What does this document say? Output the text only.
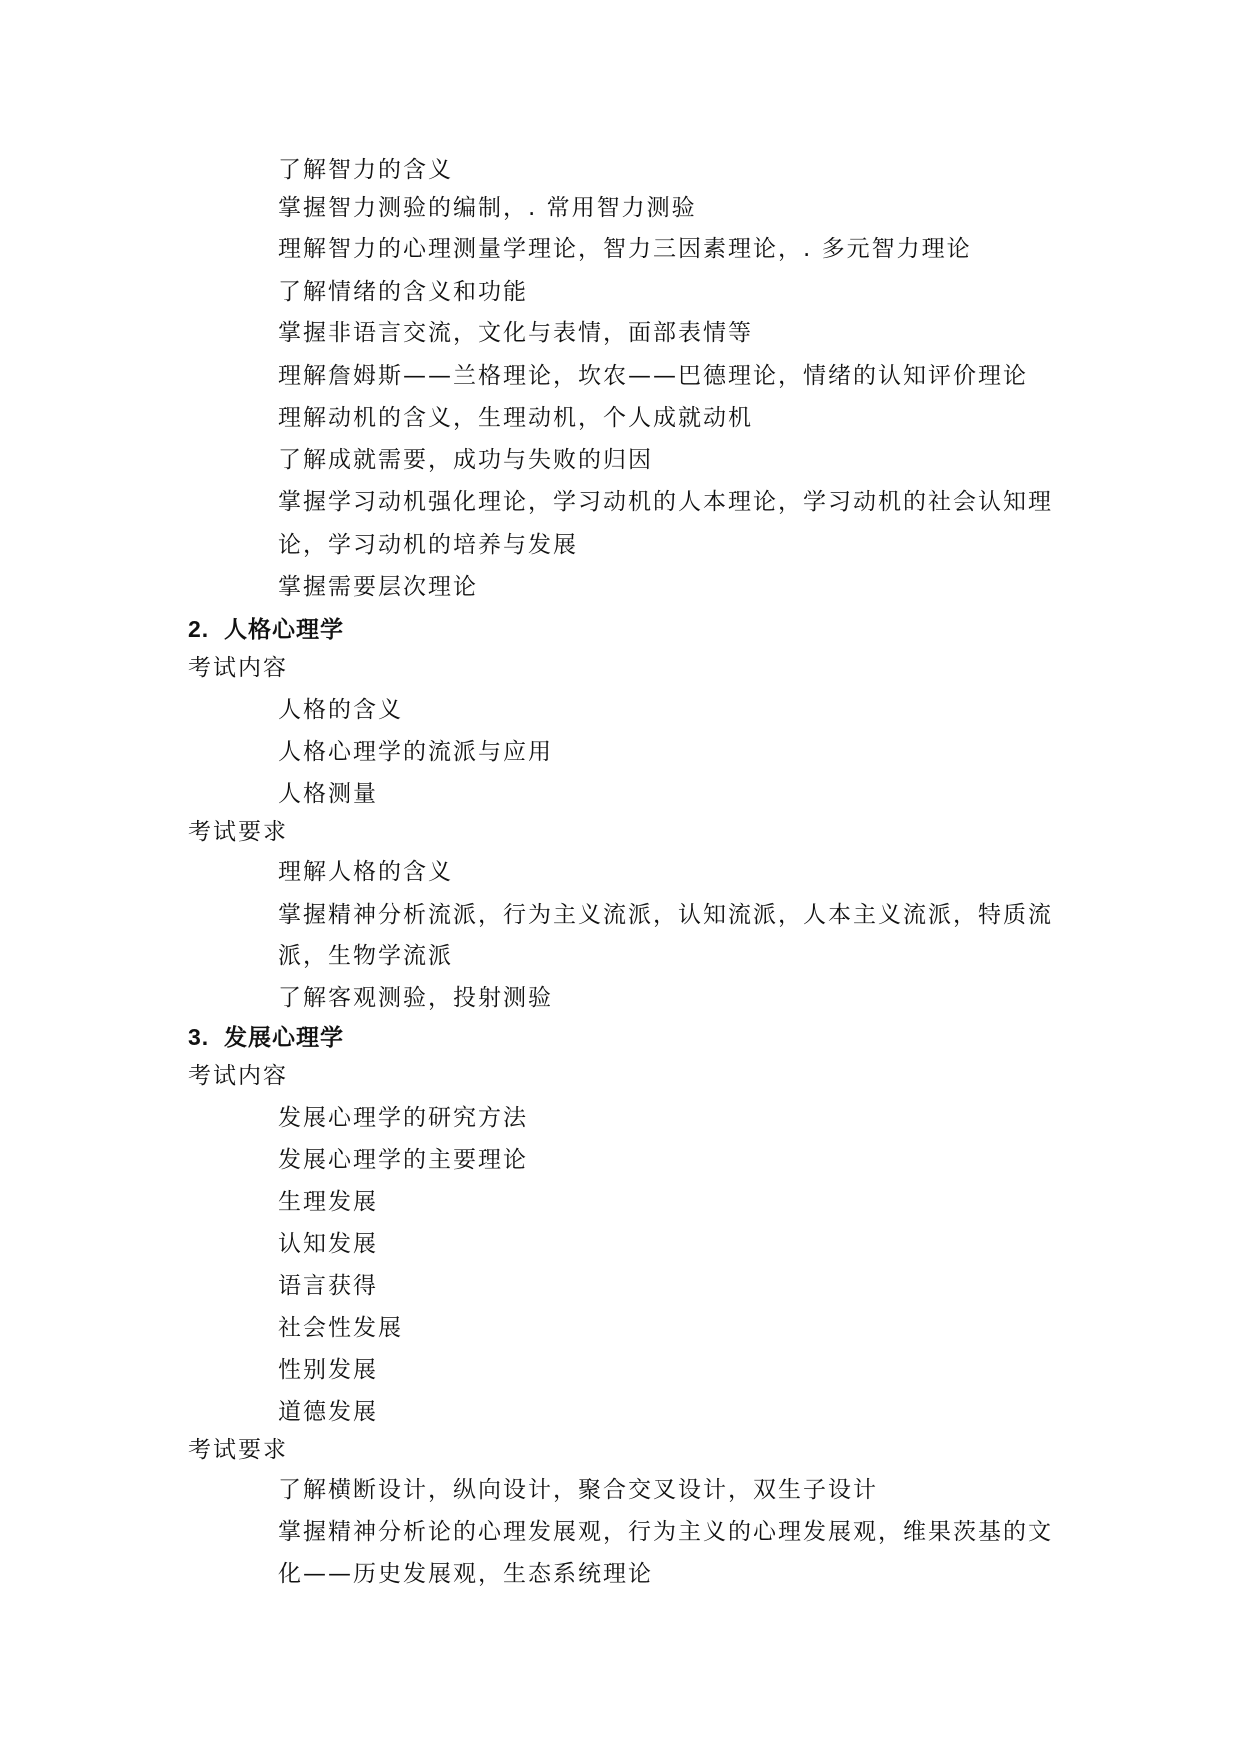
了解智力的含义
掌握智力测验的编制，. 常用智力测验
理解智力的心理测量学理论，智力三因素理论，. 多元智力理论
了解情绪的含义和功能
掌握非语言交流，文化与表情，面部表情等
理解詹姆斯——兰格理论，坎农——巴德理论，情绪的认知评价理论
理解动机的含义，生理动机，个人成就动机
了解成就需要，成功与失败的归因
掌握学习动机强化理论，学习动机的人本理论，学习动机的社会认知理
论，学习动机的培养与发展
掌握需要层次理论
2. 人格心理学
考试内容
人格的含义
人格心理学的流派与应用
人格测量
考试要求
理解人格的含义
掌握精神分析流派，行为主义流派，认知流派，人本主义流派，特质流
派，生物学流派
了解客观测验，投射测验
3. 发展心理学
考试内容
发展心理学的研究方法
发展心理学的主要理论
生理发展
认知发展
语言获得
社会性发展
性别发展
道德发展
考试要求
了解横断设计，纵向设计，聚合交叉设计，双生子设计
掌握精神分析论的心理发展观，行为主义的心理发展观，维果茨基的文
化——历史发展观，生态系统理论
